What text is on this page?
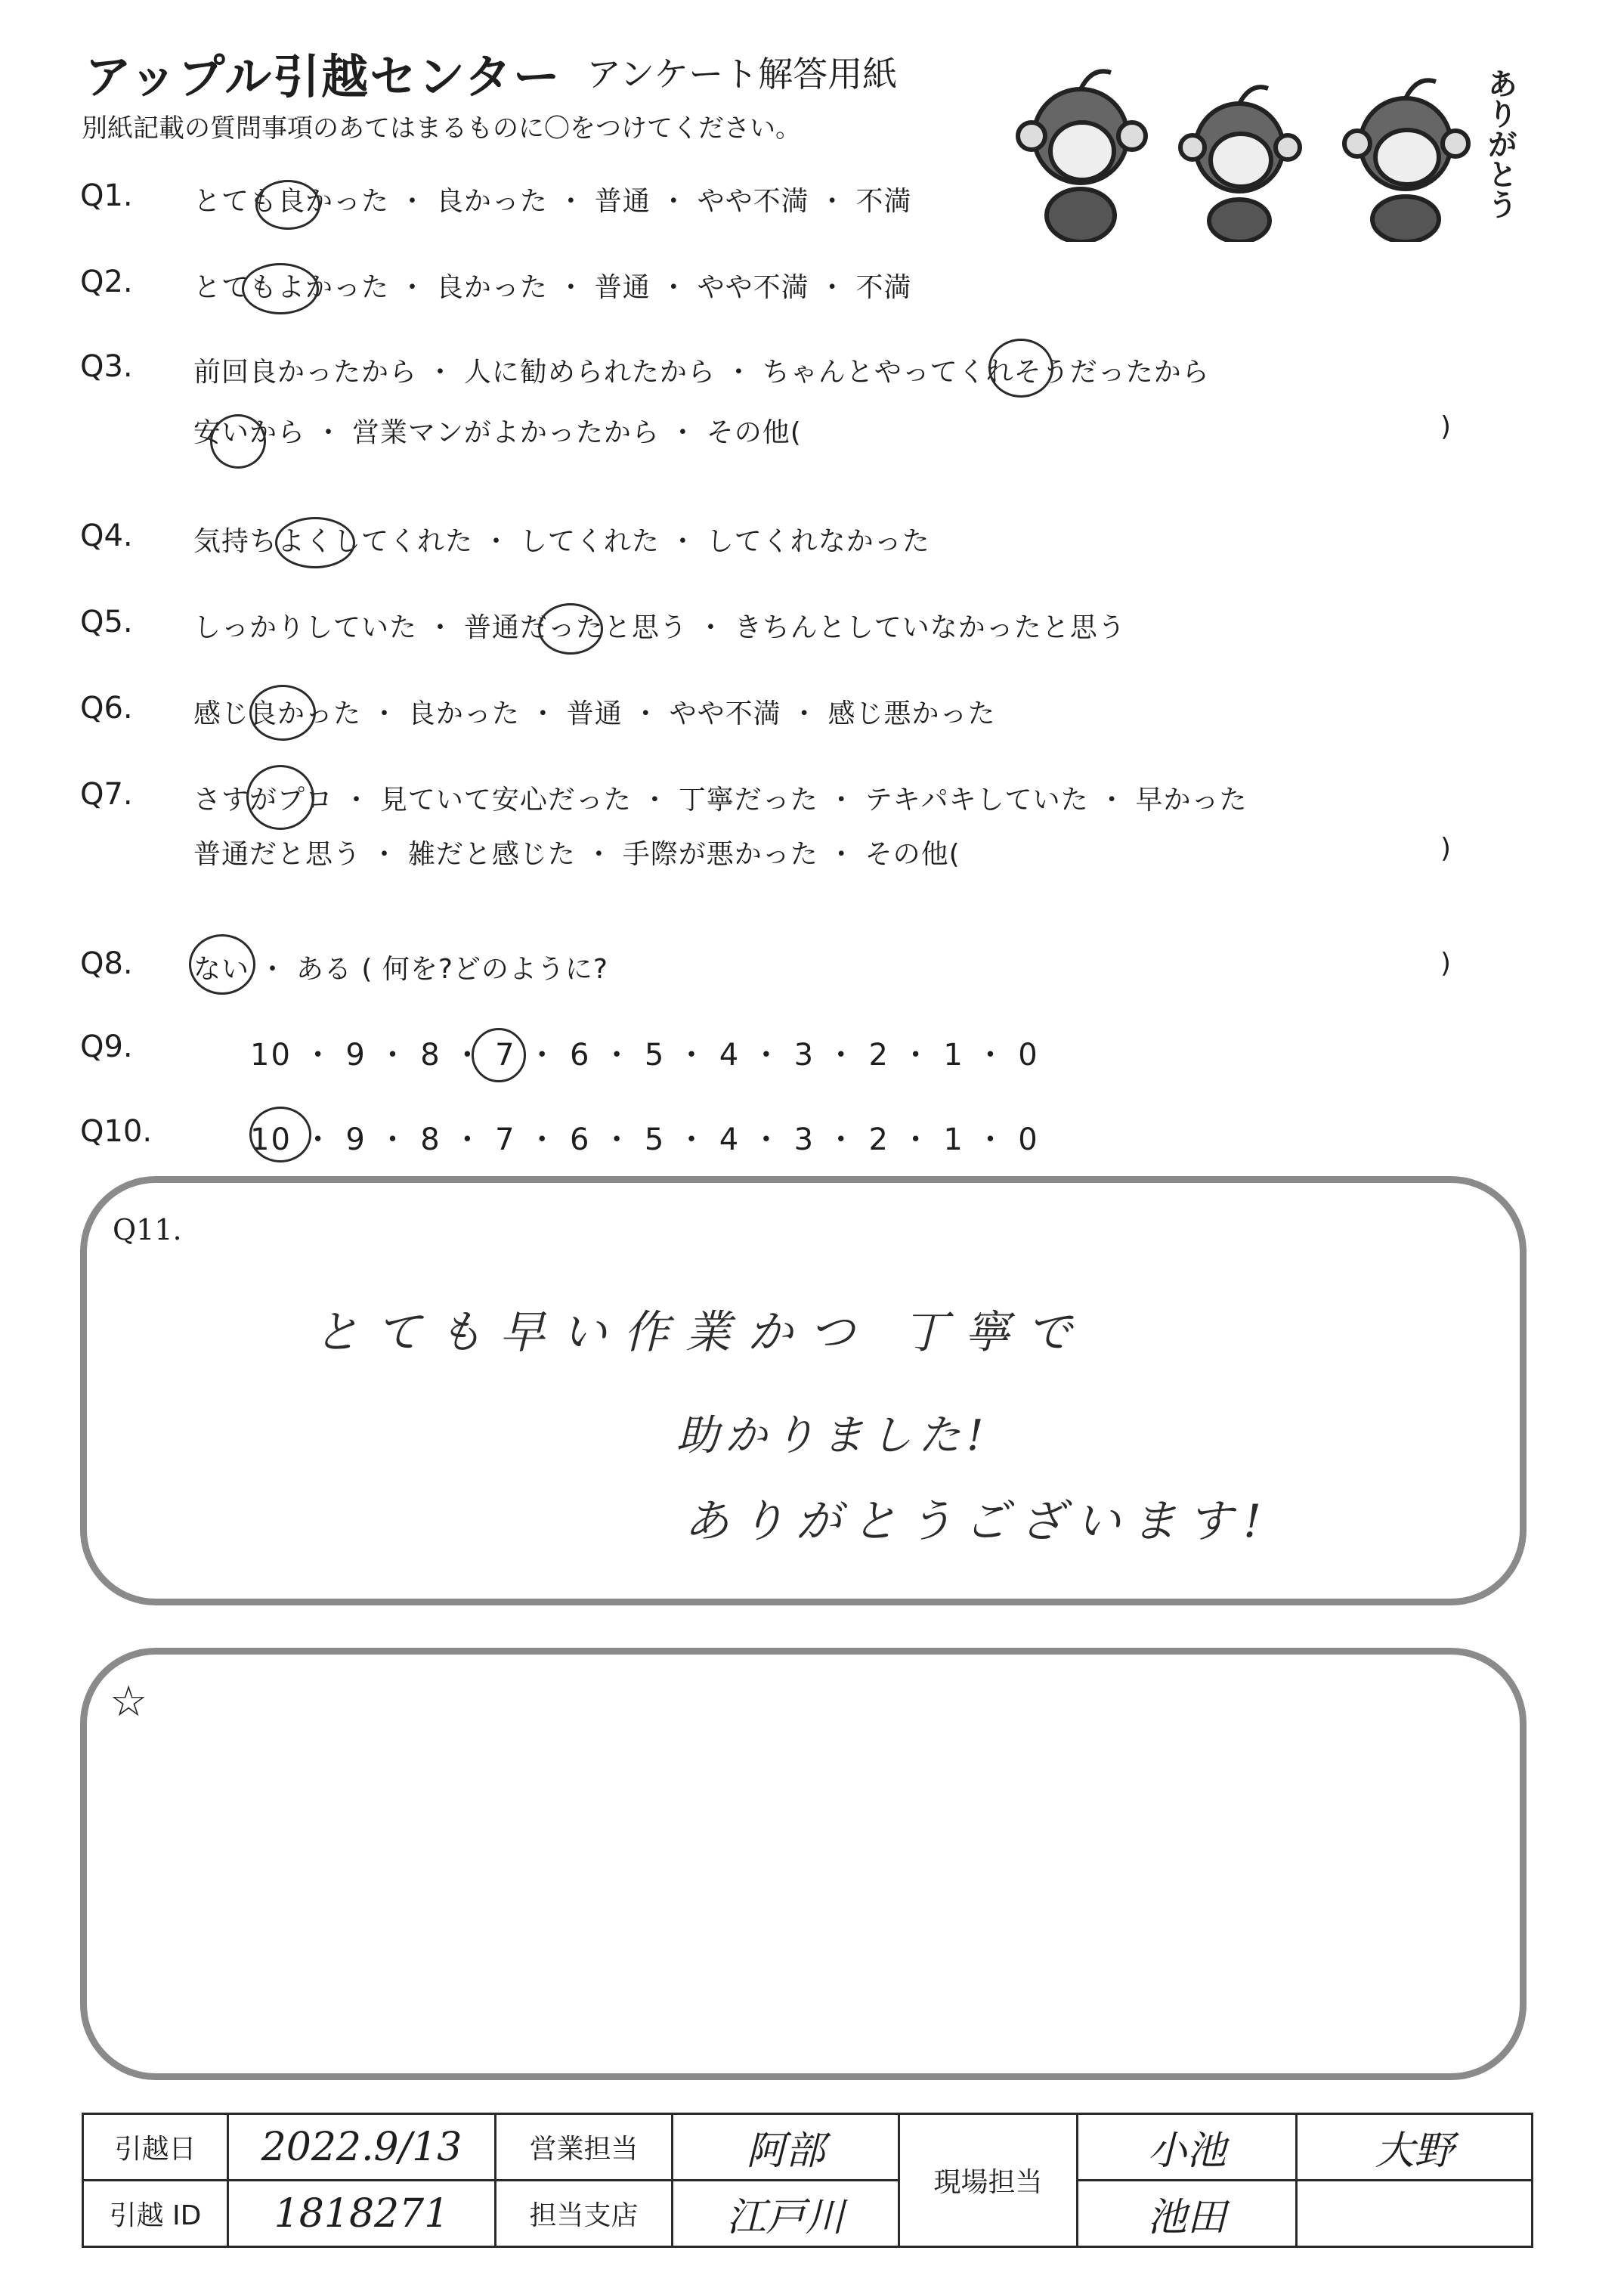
アップル引越センター アンケート解答用紙
別紙記載の質問事項のあてはまるものに〇をつけてください。	ありがとう
Q1. とても良かった ・ 良かった ・ 普通 ・ やや不満 ・ 不満
Q2. とてもよかった ・ 良かった ・ 普通 ・ やや不満 ・ 不満
Q3. 前回良かったから ・ 人に勧められたから ・ ちゃんとやってくれそうだったから
安いから ・ 営業マンがよかったから ・ その他(	)
Q4. 気持ちよくしてくれた ・ してくれた ・ してくれなかった
Q5. しっかりしていた ・ 普通だったと思う ・ きちんとしていなかったと思う
Q6. 感じ良かった ・ 良かった ・ 普通 ・ やや不満 ・ 感じ悪かった
Q7. さすがプロ ・ 見ていて安心だった ・ 丁寧だった ・ テキパキしていた ・ 早かった
普通だと思う ・ 雑だと感じた ・ 手際が悪かった ・ その他(	)
Q8. ない ・ ある ( 何を?どのように?	)
Q9.	10 ・ 9 ・ 8 ・ 7 ・ 6 ・ 5 ・ 4 ・ 3 ・ 2 ・ 1 ・ 0
Q10.	10 ・ 9 ・ 8 ・ 7 ・ 6 ・ 5 ・ 4 ・ 3 ・ 2 ・ 1 ・ 0
Q11.
とても早い作業かつ 丁寧で
助かりました!
ありがとうございます!
☆
引越日	2022.9/13	営業担当	阿部	現場担当	小池	大野
引越 ID	1818271	担当支店	江戸川		池田	
